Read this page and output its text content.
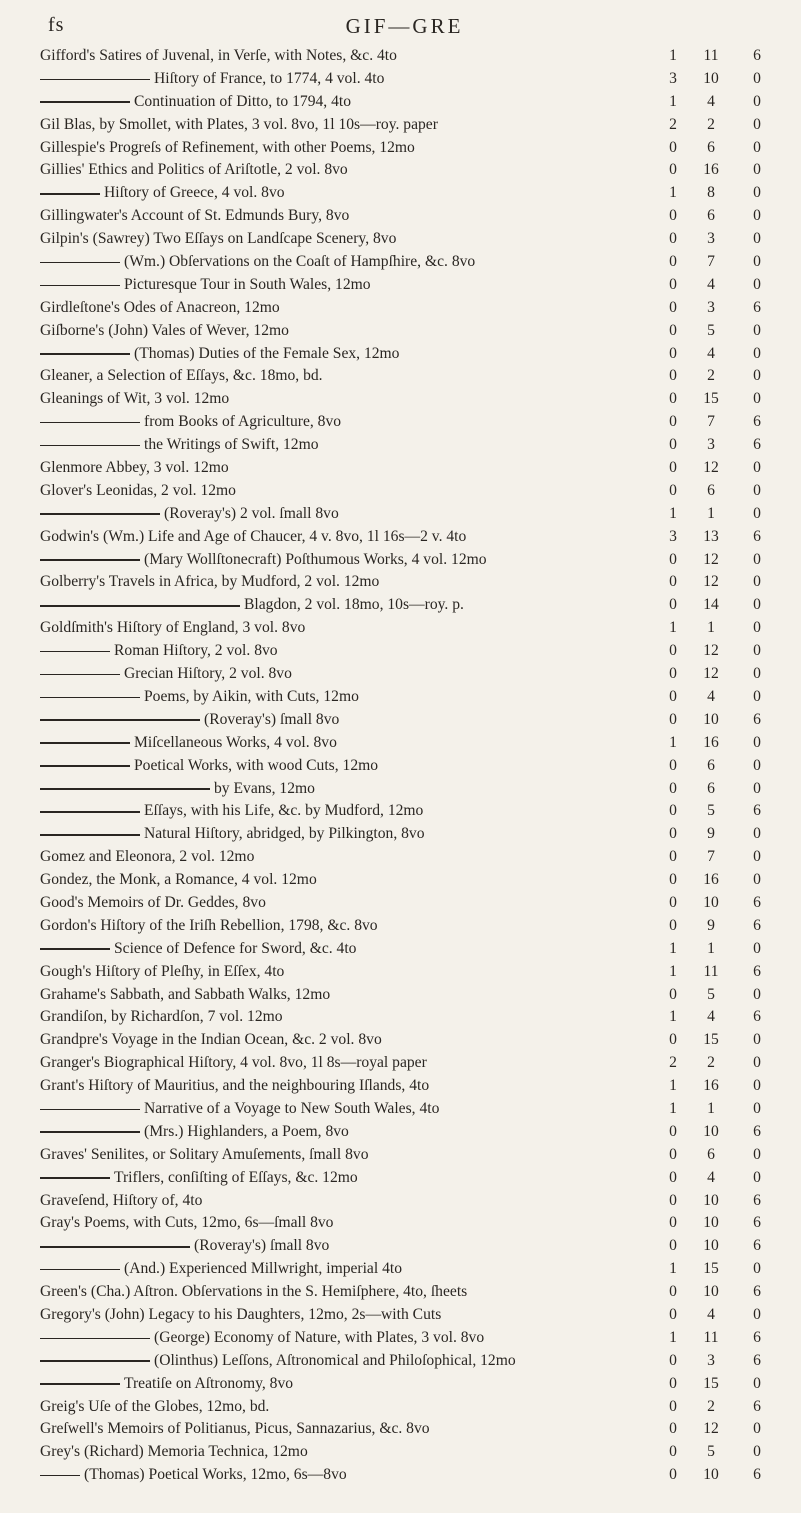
fs	GIF—GRE
Gifford's Satires of Juvenal, in Verſe, with Notes, &c. 4to	1	11	6
Hiſtory of France, to 1774, 4 vol. 4to	3	10	0
Continuation of Ditto, to 1794, 4to	1	4	0
Gil Blas, by Smollet, with Plates, 3 vol. 8vo, 1l 10s—roy. paper	2	2	0
Gillespie's Progreſs of Refinement, with other Poems, 12mo	0	6	0
Gillies' Ethics and Politics of Ariſtotle, 2 vol. 8vo	0	16	0
Hiſtory of Greece, 4 vol. 8vo	1	8	0
Gillingwater's Account of St. Edmunds Bury, 8vo	0	6	0
Gilpin's (Sawrey) Two Eſſays on Landſcape Scenery, 8vo	0	3	0
(Wm.) Obſervations on the Coaſt of Hampſhire, &c. 8vo	0	7	0
Picturesque Tour in South Wales, 12mo	0	4	0
Girdleſtone's Odes of Anacreon, 12mo	0	3	6
Giſborne's (John) Vales of Wever, 12mo	0	5	0
(Thomas) Duties of the Female Sex, 12mo	0	4	0
Gleaner, a Selection of Eſſays, &c. 18mo, bd.	0	2	0
Gleanings of Wit, 3 vol. 12mo	0	15	0
from Books of Agriculture, 8vo	0	7	6
the Writings of Swift, 12mo	0	3	6
Glenmore Abbey, 3 vol. 12mo	0	12	0
Glover's Leonidas, 2 vol. 12mo	0	6	0
(Roveray's) 2 vol. ſmall 8vo	1	1	0
Godwin's (Wm.) Life and Age of Chaucer, 4 v. 8vo, 1l 16s—2 v. 4to	3	13	6
(Mary Wollſtonecraft) Poſthumous Works, 4 vol. 12mo	0	12	0
Golberry's Travels in Africa, by Mudford, 2 vol. 12mo	0	12	0
Blagdon, 2 vol. 18mo, 10s—roy. p.	0	14	0
Goldſmith's Hiſtory of England, 3 vol. 8vo	1	1	0
Roman Hiſtory, 2 vol. 8vo	0	12	0
Grecian Hiſtory, 2 vol. 8vo	0	12	0
Poems, by Aikin, with Cuts, 12mo	0	4	0
(Roveray's) ſmall 8vo	0	10	6
Miſcellaneous Works, 4 vol. 8vo	1	16	0
Poetical Works, with wood Cuts, 12mo	0	6	0
by Evans, 12mo	0	6	0
Eſſays, with his Life, &c. by Mudford, 12mo	0	5	6
Natural Hiſtory, abridged, by Pilkington, 8vo	0	9	0
Gomez and Eleonora, 2 vol. 12mo	0	7	0
Gondez, the Monk, a Romance, 4 vol. 12mo	0	16	0
Good's Memoirs of Dr. Geddes, 8vo	0	10	6
Gordon's Hiſtory of the Iriſh Rebellion, 1798, &c. 8vo	0	9	6
Science of Defence for Sword, &c. 4to	1	1	0
Gough's Hiſtory of Pleſhy, in Eſſex, 4to	1	11	6
Grahame's Sabbath, and Sabbath Walks, 12mo	0	5	0
Grandiſon, by Richardſon, 7 vol. 12mo	1	4	6
Grandpre's Voyage in the Indian Ocean, &c. 2 vol. 8vo	0	15	0
Granger's Biographical Hiſtory, 4 vol. 8vo, 1l 8s—royal paper	2	2	0
Grant's Hiſtory of Mauritius, and the neighbouring Iſlands, 4to	1	16	0
Narrative of a Voyage to New South Wales, 4to	1	1	0
(Mrs.) Highlanders, a Poem, 8vo	0	10	6
Graves' Senilites, or Solitary Amuſements, ſmall 8vo	0	6	0
Triflers, conſiſting of Eſſays, &c. 12mo	0	4	0
Graveſend, Hiſtory of, 4to	0	10	6
Gray's Poems, with Cuts, 12mo, 6s—ſmall 8vo	0	10	6
(Roveray's) ſmall 8vo	0	10	6
(And.) Experienced Millwright, imperial 4to	1	15	0
Green's (Cha.) Aſtron. Obſervations in the S. Hemiſphere, 4to, ſheets	0	10	6
Gregory's (John) Legacy to his Daughters, 12mo, 2s—with Cuts	0	4	0
(George) Economy of Nature, with Plates, 3 vol. 8vo	1	11	6
(Olinthus) Leſſons, Aſtronomical and Philoſophical, 12mo	0	3	6
Treatiſe on Aſtronomy, 8vo	0	15	0
Greig's Uſe of the Globes, 12mo, bd.	0	2	6
Greſwell's Memoirs of Politianus, Picus, Sannazarius, &c. 8vo	0	12	0
Grey's (Richard) Memoria Technica, 12mo	0	5	0
(Thomas) Poetical Works, 12mo, 6s—8vo	0	10	6
